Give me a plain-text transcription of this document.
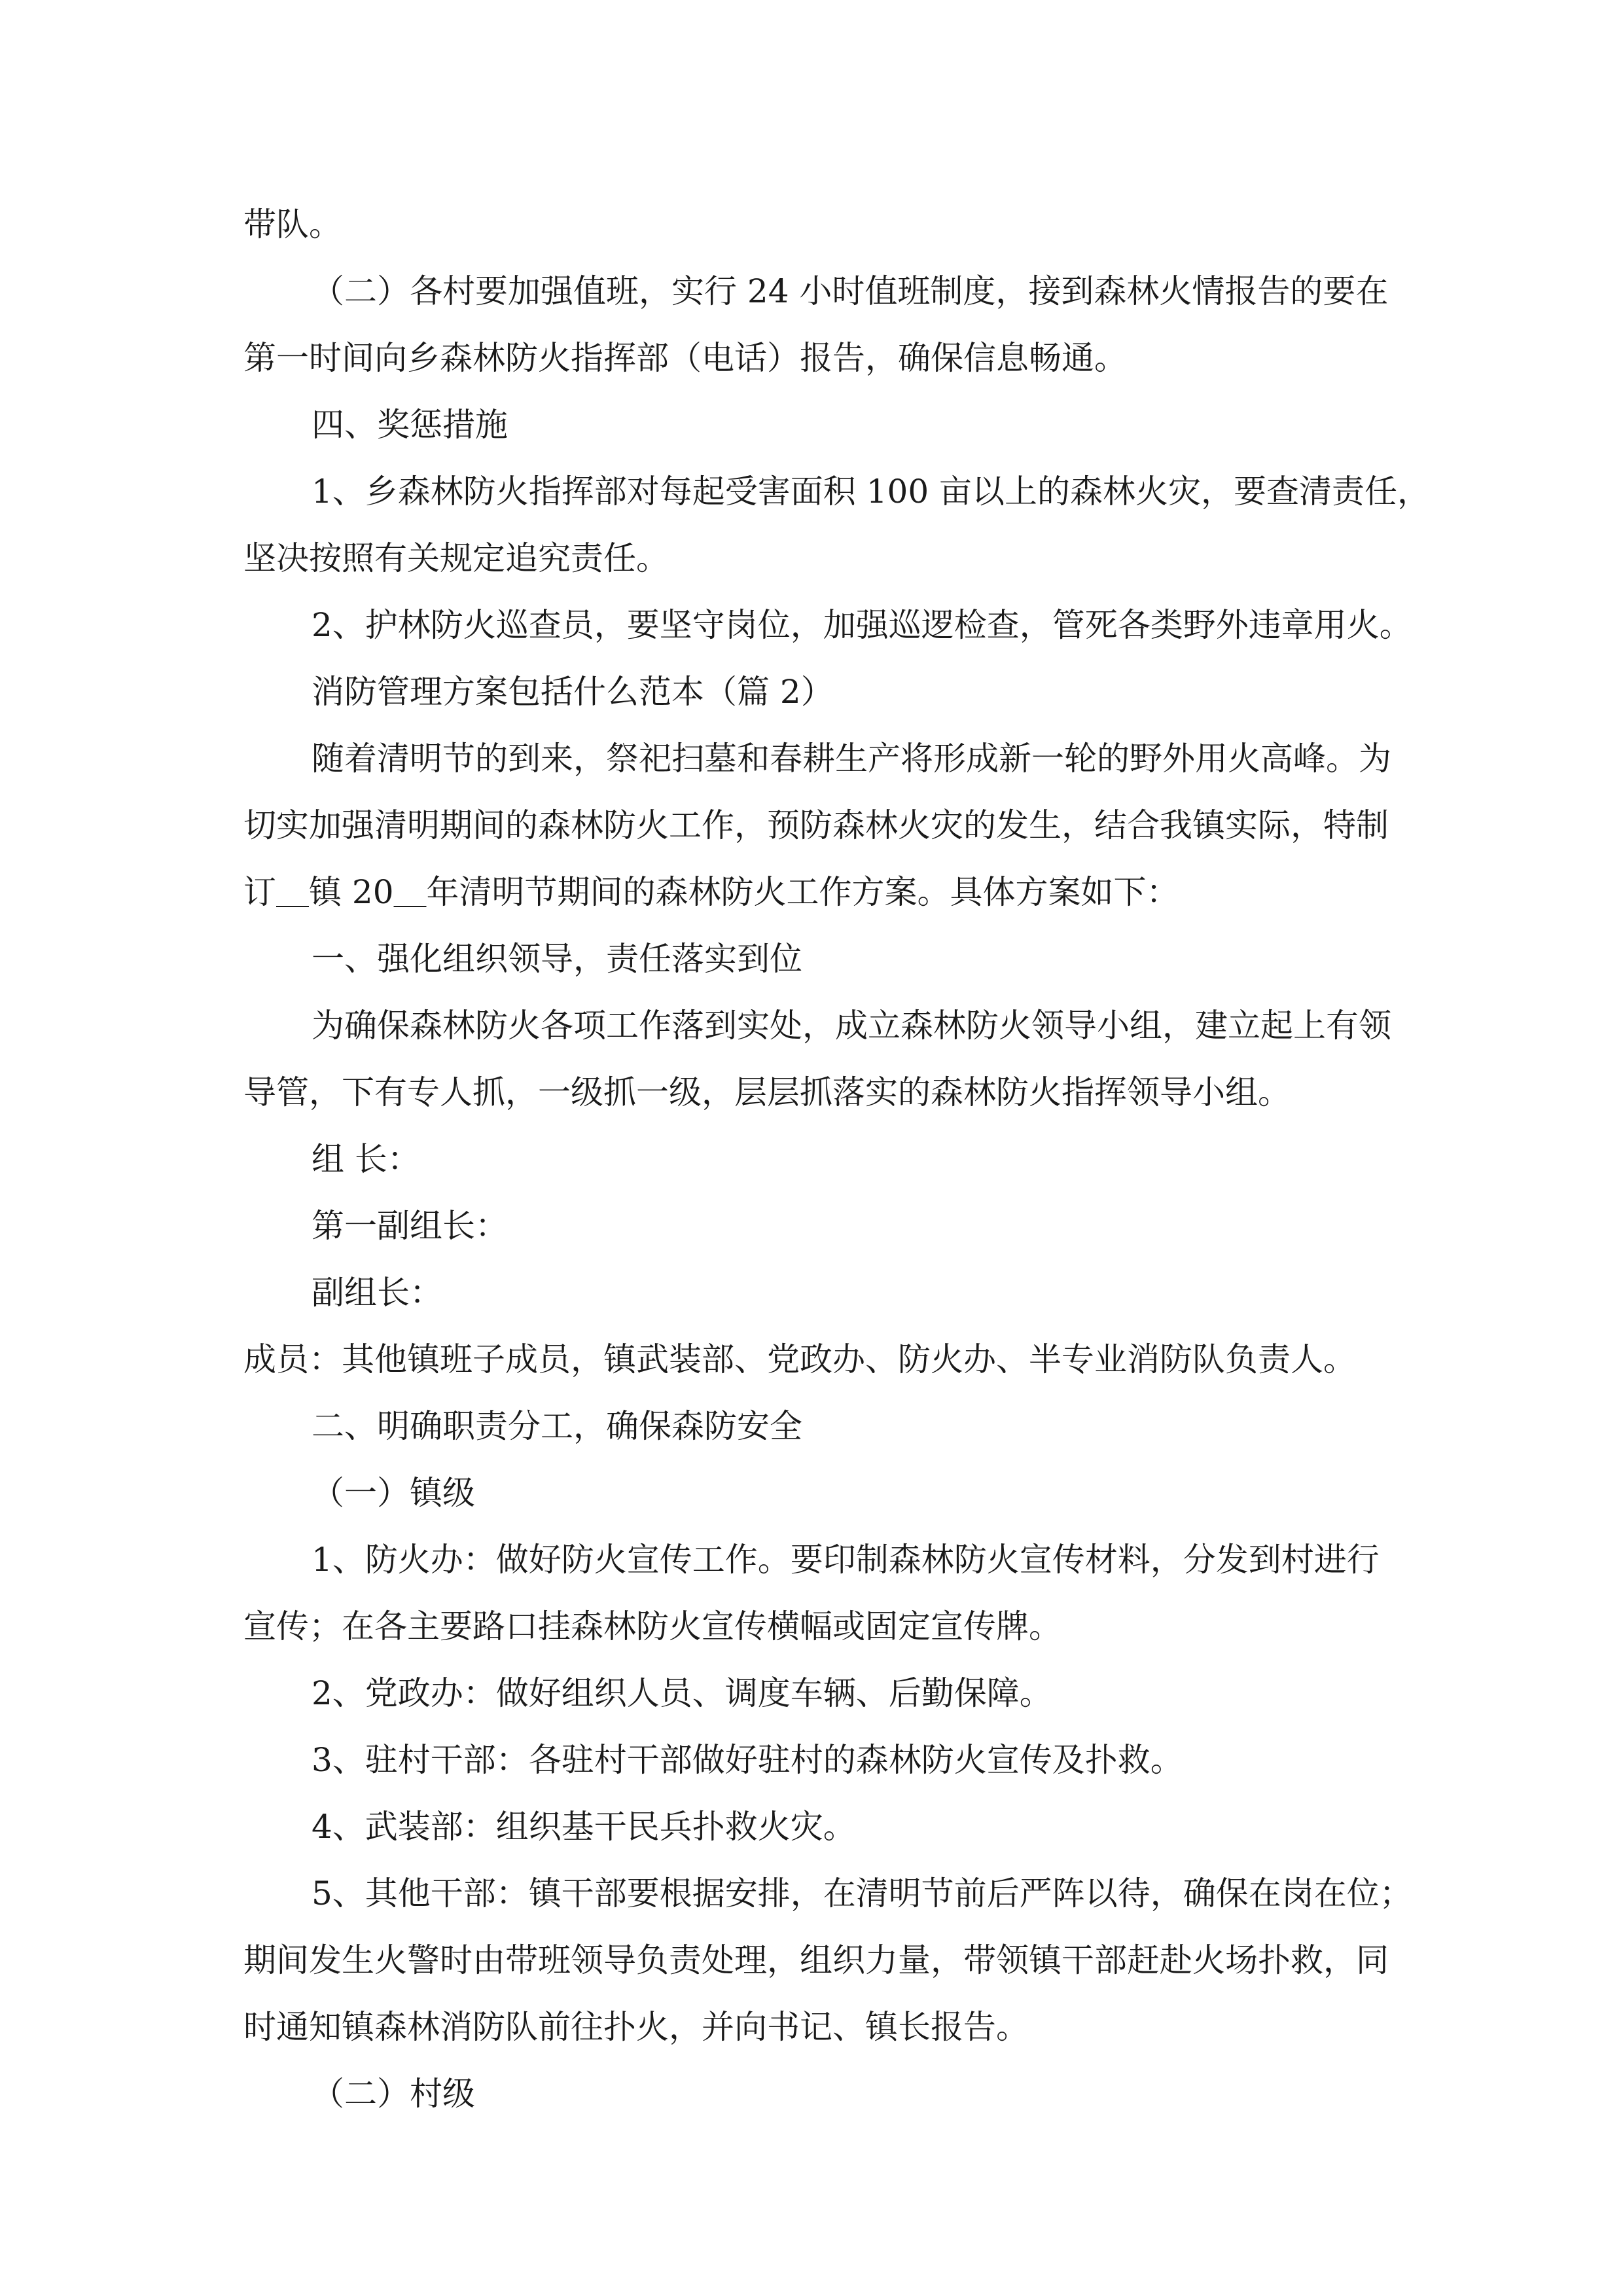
带队。

（二）各村要加强值班，实行 24 小时值班制度，接到森林火情报告的要在

第一时间向乡森林防火指挥部（电话）报告，确保信息畅通。

四、奖惩措施

1、乡森林防火指挥部对每起受害面积 100 亩以上的森林火灾，要查清责任，

坚决按照有关规定追究责任。

2、护林防火巡查员，要坚守岗位，加强巡逻检查，管死各类野外违章用火。

消防管理方案包括什么范本（篇 2）

随着清明节的到来，祭祀扫墓和春耕生产将形成新一轮的野外用火高峰。为

切实加强清明期间的森林防火工作，预防森林火灾的发生，结合我镇实际，特制

订＿镇 20＿年清明节期间的森林防火工作方案。具体方案如下：

一、强化组织领导，责任落实到位

为确保森林防火各项工作落到实处，成立森林防火领导小组，建立起上有领

导管，下有专人抓，一级抓一级，层层抓落实的森林防火指挥领导小组。

组 长：

第一副组长：

副组长：

成员：其他镇班子成员，镇武装部、党政办、防火办、半专业消防队负责人。

二、明确职责分工，确保森防安全

（一）镇级

1、防火办：做好防火宣传工作。要印制森林防火宣传材料，分发到村进行

宣传；在各主要路口挂森林防火宣传横幅或固定宣传牌。

2、党政办：做好组织人员、调度车辆、后勤保障。

3、驻村干部：各驻村干部做好驻村的森林防火宣传及扑救。

4、武装部：组织基干民兵扑救火灾。

5、其他干部：镇干部要根据安排，在清明节前后严阵以待，确保在岗在位；

期间发生火警时由带班领导负责处理，组织力量，带领镇干部赶赴火场扑救，同

时通知镇森林消防队前往扑火，并向书记、镇长报告。

（二）村级
